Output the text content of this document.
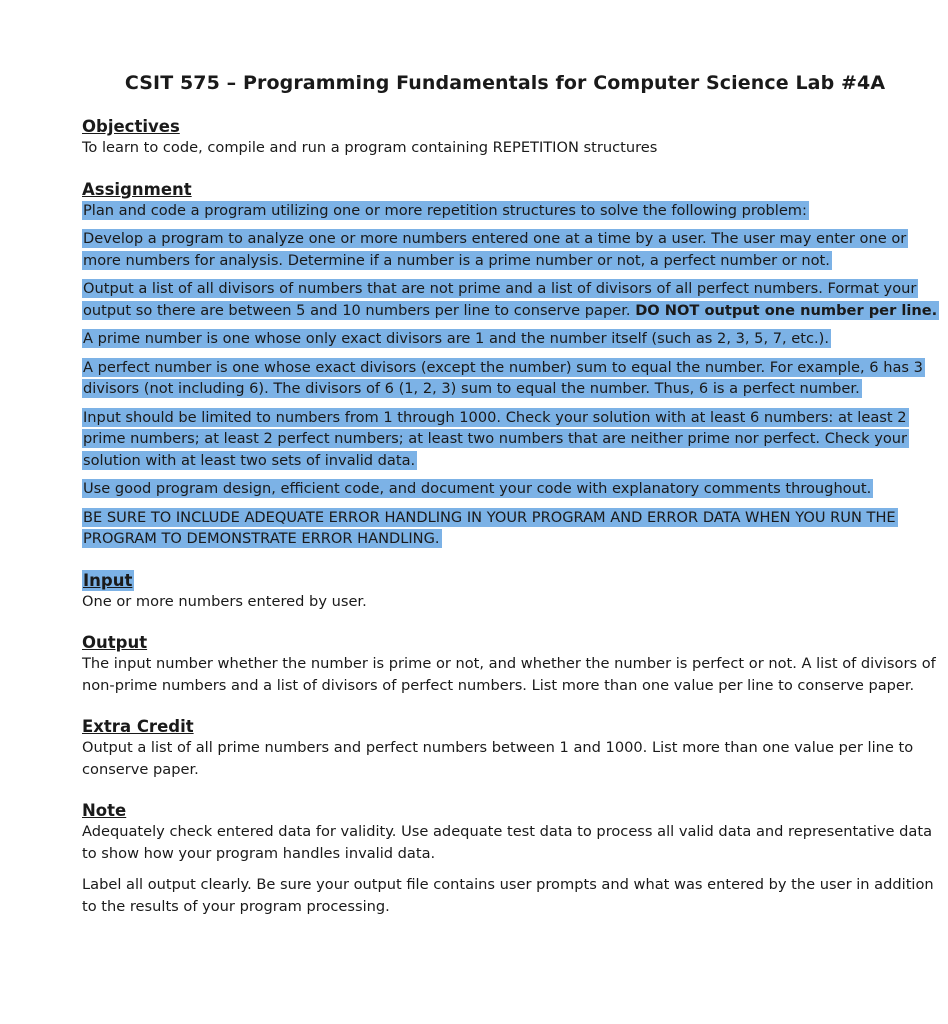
CSIT 575 – Programming Fundamentals for Computer Science Lab #4A
Objectives

To learn to code, compile and run a program containing REPETITION structures

Assignment

Plan and code a program utilizing one or more repetition structures to solve the following problem:

Develop a program to analyze one or more numbers entered one at a time by a user. The user may enter one or more numbers for analysis. Determine if a number is a prime number or not, a perfect number or not.

Output a list of all divisors of numbers that are not prime and a list of divisors of all perfect numbers. Format your output so there are between 5 and 10 numbers per line to conserve paper. DO NOT output one number per line.

A prime number is one whose only exact divisors are 1 and the number itself (such as 2, 3, 5, 7, etc.).

A perfect number is one whose exact divisors (except the number) sum to equal the number. For example, 6 has 3 divisors (not including 6). The divisors of 6 (1, 2, 3) sum to equal the number. Thus, 6 is a perfect number.

Input should be limited to numbers from 1 through 1000. Check your solution with at least 6 numbers: at least 2 prime numbers; at least 2 perfect numbers; at least two numbers that are neither prime nor perfect. Check your solution with at least two sets of invalid data.

Use good program design, efficient code, and document your code with explanatory comments throughout.

BE SURE TO INCLUDE ADEQUATE ERROR HANDLING IN YOUR PROGRAM AND ERROR DATA WHEN YOU RUN THE PROGRAM TO DEMONSTRATE ERROR HANDLING.

Input

One or more numbers entered by user.

Output

The input number whether the number is prime or not, and whether the number is perfect or not. A list of divisors of non-prime numbers and a list of divisors of perfect numbers. List more than one value per line to conserve paper.

Extra Credit

Output a list of all prime numbers and perfect numbers between 1 and 1000. List more than one value per line to conserve paper.

Note

Adequately check entered data for validity. Use adequate test data to process all valid data and representative data to show how your program handles invalid data.

Label all output clearly. Be sure your output file contains user prompts and what was entered by the user in addition to the results of your program processing.
